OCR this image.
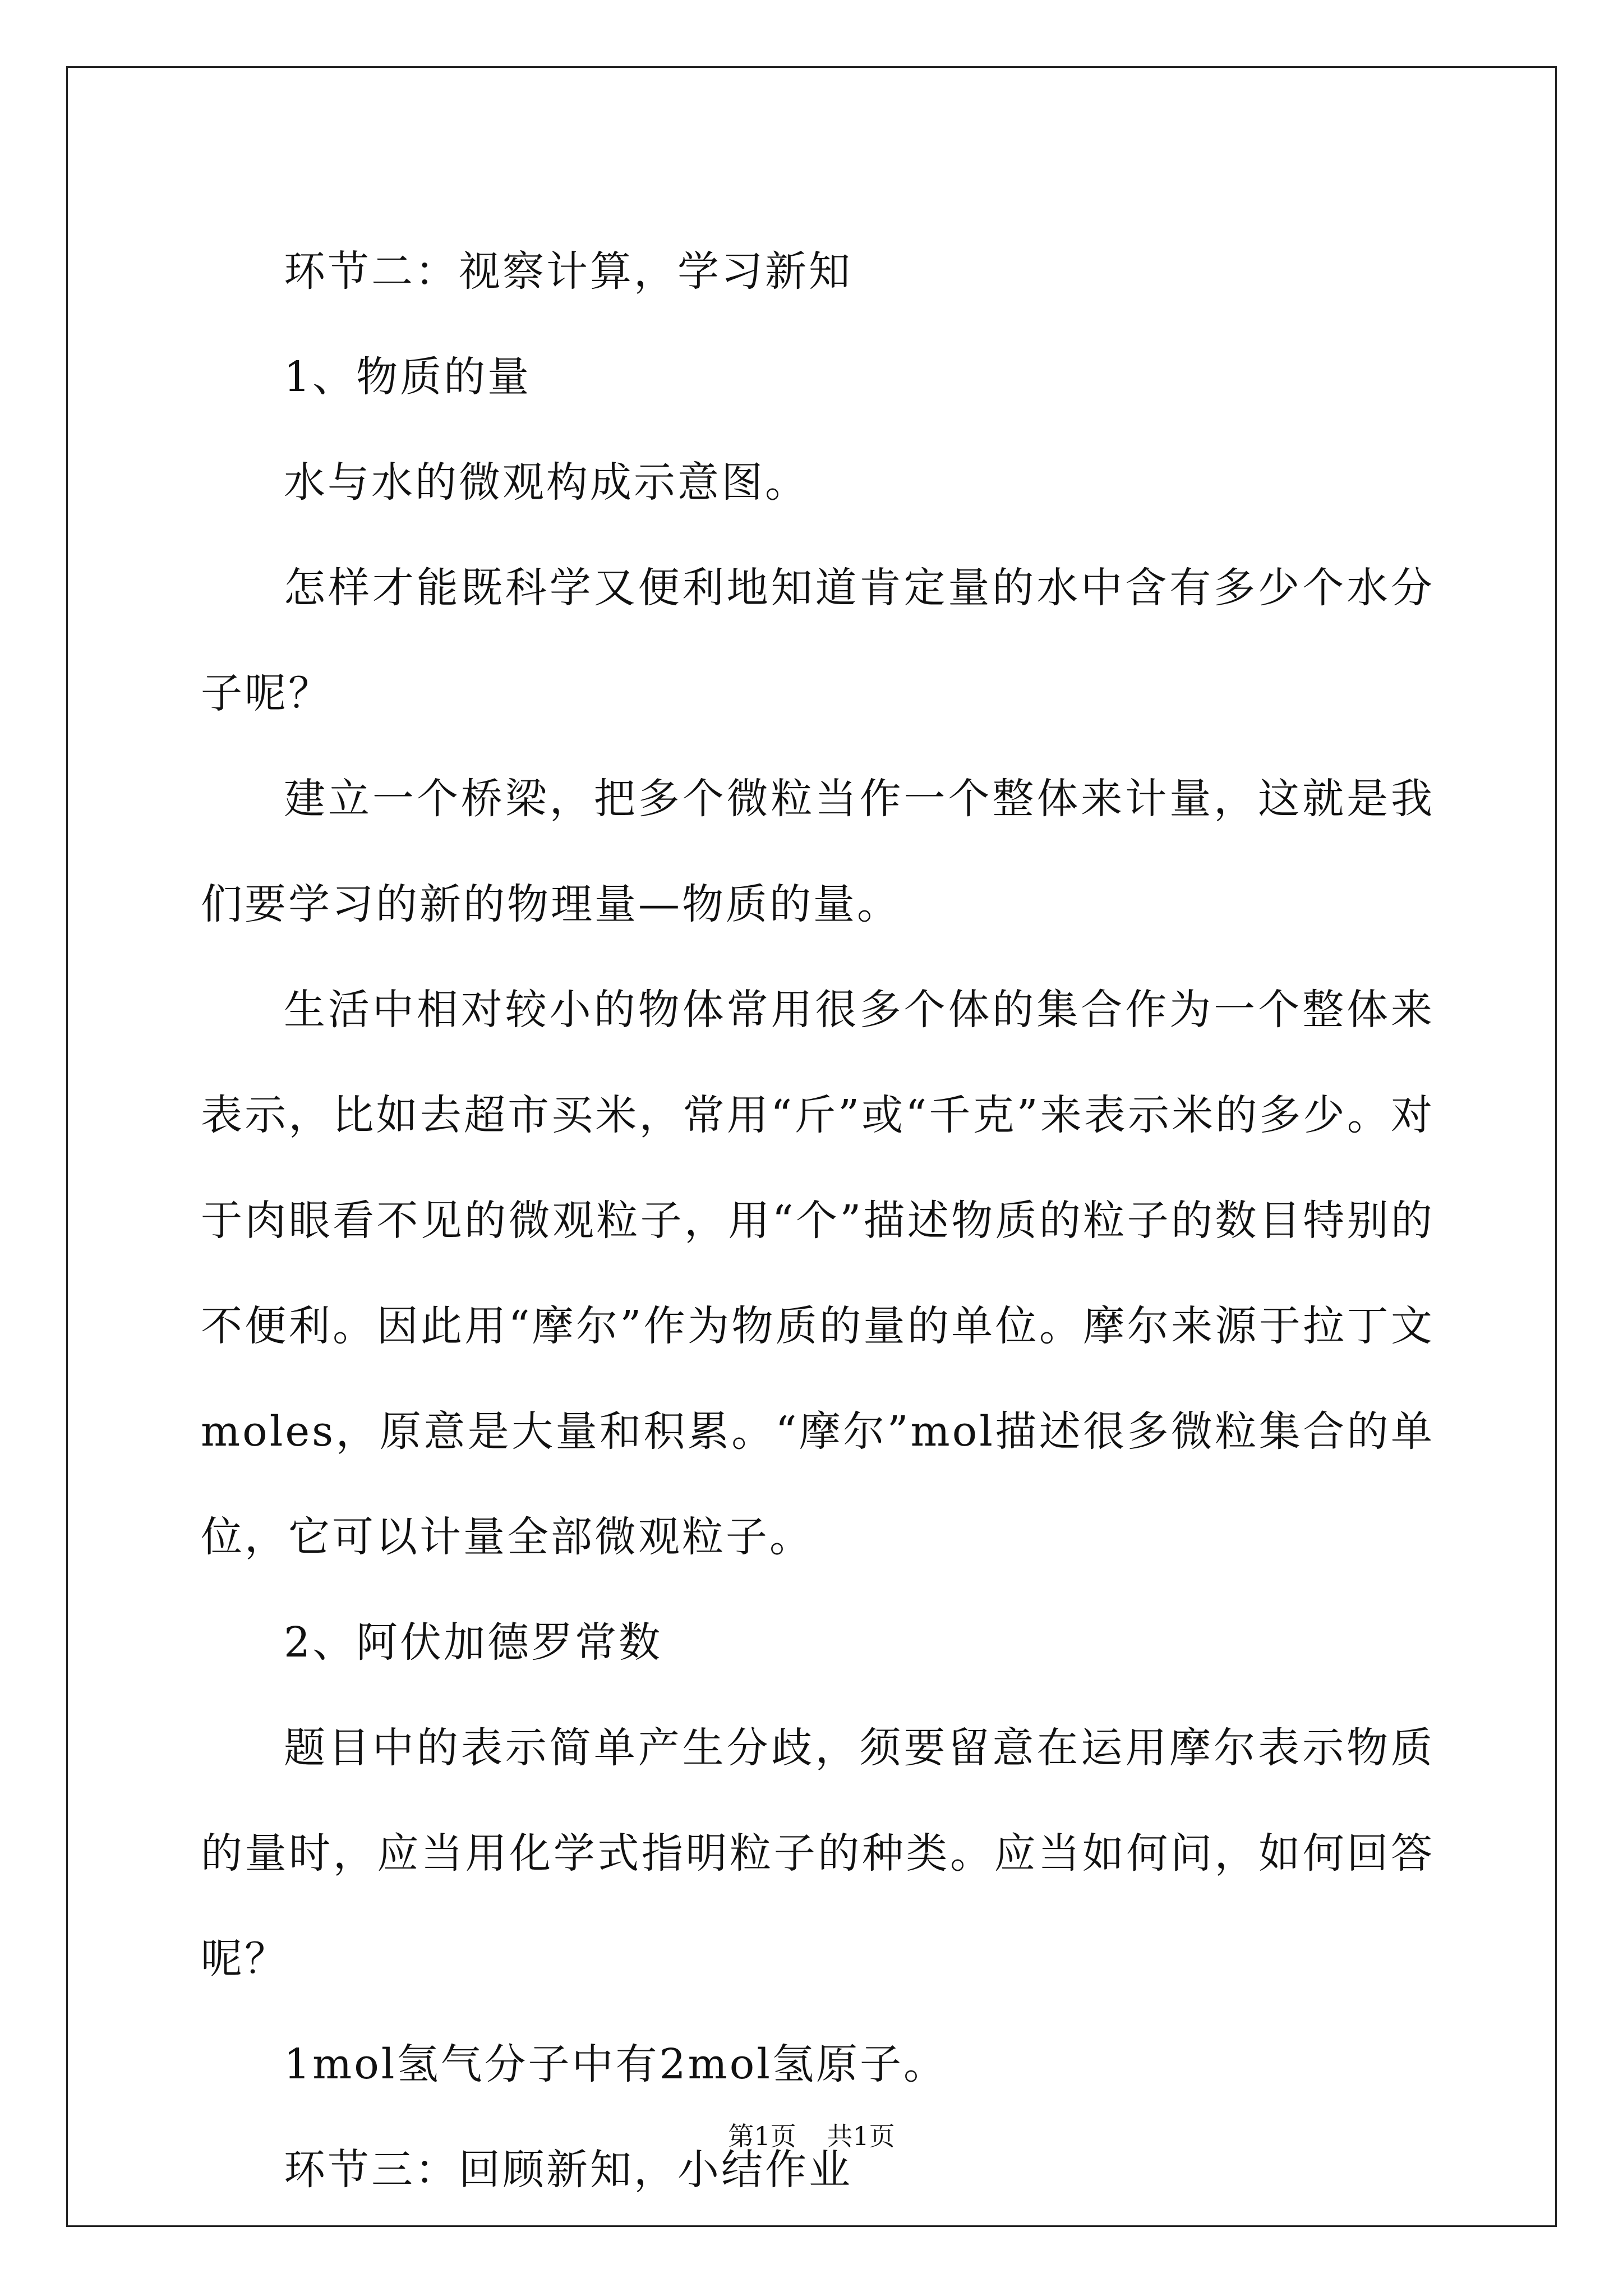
环节二：视察计算，学习新知

1、物质的量

水与水的微观构成示意图。

怎样才能既科学又便利地知道肯定量的水中含有多少个水分子呢？

建立一个桥梁，把多个微粒当作一个整体来计量，这就是我们要学习的新的物理量—物质的量。

生活中相对较小的物体常用很多个体的集合作为一个整体来表示，比如去超市买米，常用“斤”或“千克”来表示米的多少。对于肉眼看不见的微观粒子，用“个”描述物质的粒子的数目特别的不便利。因此用“摩尔”作为物质的量的单位。摩尔来源于拉丁文moles，原意是大量和积累。“摩尔”mol描述很多微粒集合的单位，它可以计量全部微观粒子。

2、阿伏加德罗常数

题目中的表示简单产生分歧，须要留意在运用摩尔表示物质的量时，应当用化学式指明粒子的种类。应当如何问，如何回答呢？

1mol氢气分子中有2mol氢原子。

环节三：回顾新知，小结作业

第1页 共1页
